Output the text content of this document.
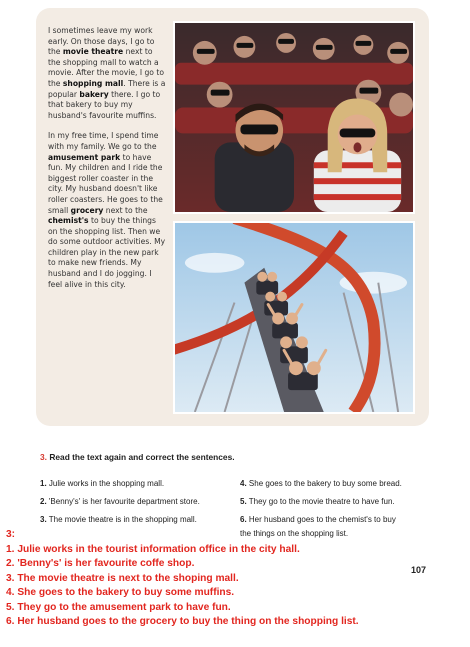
I sometimes leave my work early. On those days, I go to the movie theatre next to the shopping mall to watch a movie. After the movie, I go to the shopping mall. There is a popular bakery there. I go to that bakery to buy my husband's favourite muffins.

In my free time, I spend time with my family. We go to the amusement park to have fun. My children and I ride the biggest roller coaster in the city. My husband doesn't like roller coasters. He goes to the small grocery next to the chemist's to buy the things on the shopping list. Then we do some outdoor activities. My children play in the new park to make new friends. My husband and I do jogging. I feel alive in this city.

3. Read the text again and correct the sentences.
1. Julie works in the shopping mall.
2. 'Benny's' is her favourite department store.
3. The movie theatre is in the shopping mall.
4. She goes to the bakery to buy some bread.
5. They go to the movie theatre to have fun.
6. Her husband goes to the chemist's to buy
the things on the shopping list.
107
3:
1. Julie works in the tourist information office in the city hall.
2. 'Benny's' is her favourite coffe shop.
3. The movie theatre is next to the shoping mall.
4. She goes to the bakery to buy some muffins.
5. They go to the amusement park to have fun.
6. Her husband goes to the grocery to buy the thing on the shopping list.
